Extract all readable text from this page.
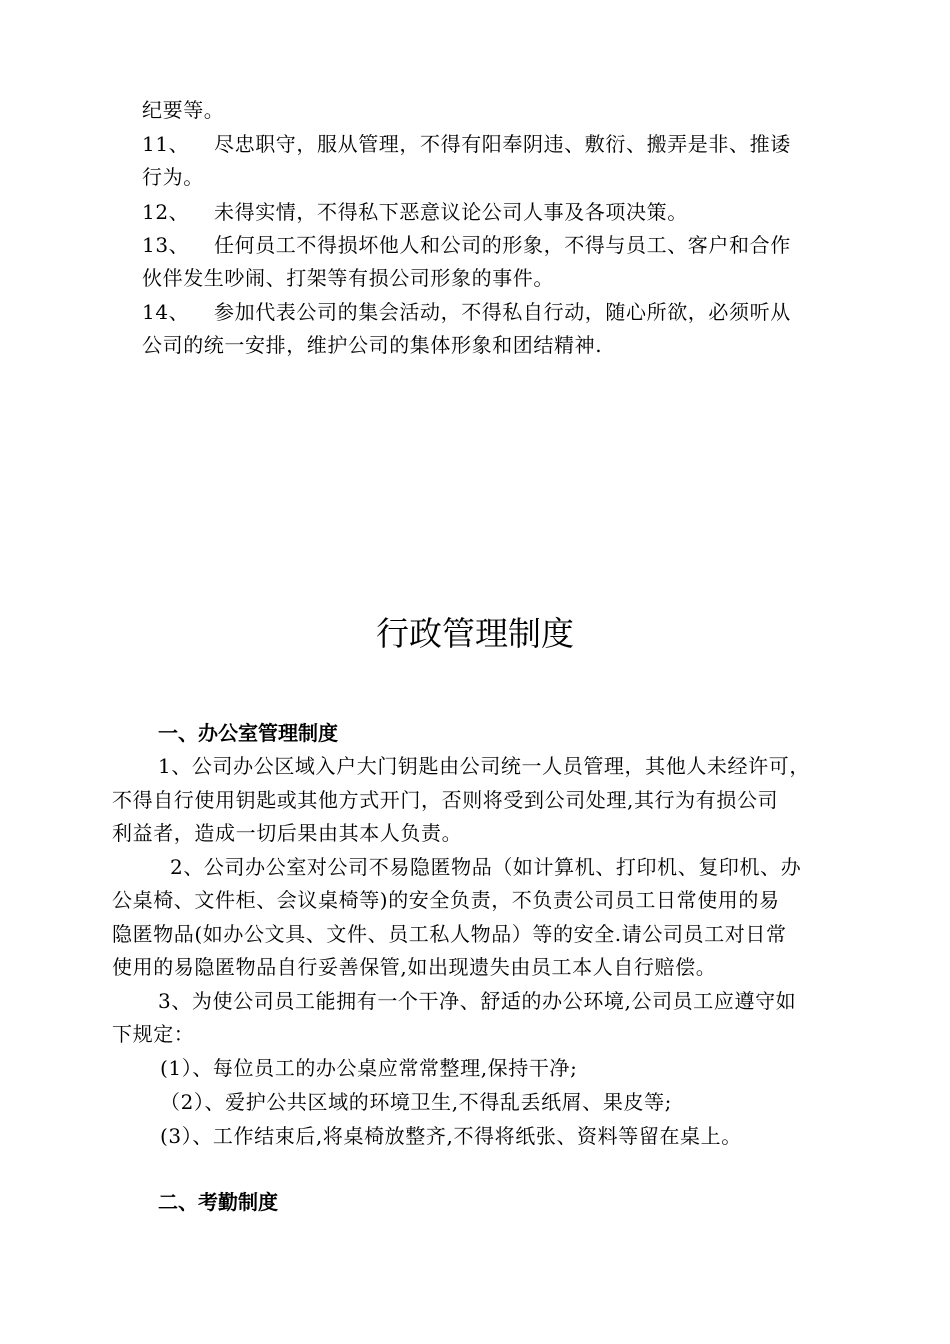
纪要等。
11、 尽忠职守，服从管理，不得有阳奉阴违、敷衍、搬弄是非、推诿
行为。
12、 未得实情，不得私下恶意议论公司人事及各项决策。
13、 任何员工不得损坏他人和公司的形象，不得与员工、客户和合作
伙伴发生吵闹、打架等有损公司形象的事件。
14、 参加代表公司的集会活动，不得私自行动，随心所欲，必须听从
公司的统一安排，维护公司的集体形象和团结精神.
行政管理制度
一、办公室管理制度
1、公司办公区域入户大门钥匙由公司统一人员管理，其他人未经许可，
不得自行使用钥匙或其他方式开门，否则将受到公司处理,其行为有损公司
利益者，造成一切后果由其本人负责。
2、公司办公室对公司不易隐匿物品（如计算机、打印机、复印机、办
公桌椅、文件柜、会议桌椅等)的安全负责，不负责公司员工日常使用的易
隐匿物品(如办公文具、文件、员工私人物品）等的安全.请公司员工对日常
使用的易隐匿物品自行妥善保管,如出现遗失由员工本人自行赔偿。
3、为使公司员工能拥有一个干净、舒适的办公环境,公司员工应遵守如
下规定：
(1）、每位员工的办公桌应常常整理,保持干净;
（2）、爱护公共区域的环境卫生,不得乱丢纸屑、果皮等;
(3）、工作结束后,将桌椅放整齐,不得将纸张、资料等留在桌上。
二、考勤制度
